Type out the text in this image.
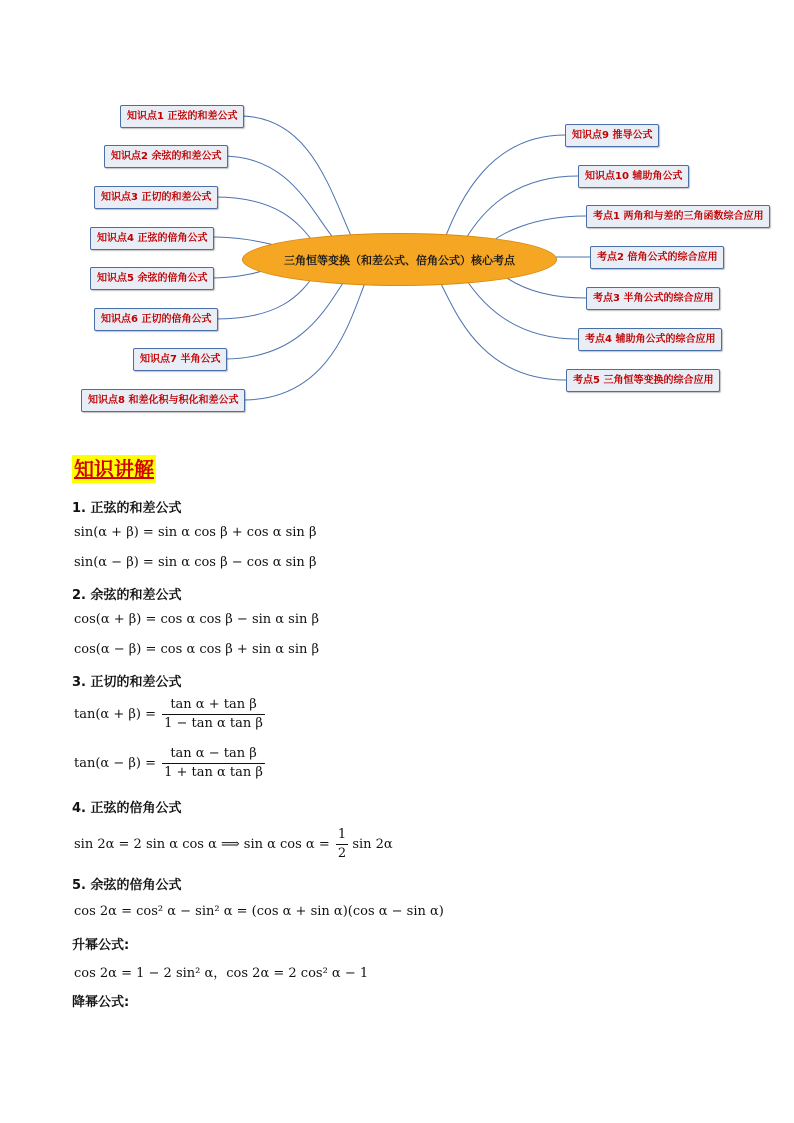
三角恒等变换（和差公式、倍角公式）核心考点
知识点1 正弦的和差公式
知识点2 余弦的和差公式
知识点3 正切的和差公式
知识点4 正弦的倍角公式
知识点5 余弦的倍角公式
知识点6 正切的倍角公式
知识点7 半角公式
知识点8 和差化积与积化和差公式
知识点9 推导公式
知识点10 辅助角公式
考点1 两角和与差的三角函数综合应用
考点2 倍角公式的综合应用
考点3 半角公式的综合应用
考点4 辅助角公式的综合应用
考点5 三角恒等变换的综合应用
知识讲解
1. 正弦的和差公式
sin(α + β) = sin α cos β + cos α sin β
sin(α − β) = sin α cos β − cos α sin β
2. 余弦的和差公式
cos(α + β) = cos α cos β − sin α sin β
cos(α − β) = cos α cos β + sin α sin β
3. 正切的和差公式
$\tan(\alpha + \beta) = \frac{\text{tan α + tan β}}{\text{1 − tan α tan β}}$
$\tan(\alpha - \beta) = \frac{\text{tan α − tan β}}{\text{1 + tan α tan β}}$
4. 正弦的倍角公式
sin 2α = 2 sin α cos α ⟹ sin α $\cos \alpha = \frac{1}{2}$ sin 2α
5. 余弦的倍角公式
cos 2α = cos² α − sin² α = (cos α + sin α)(cos α − sin α)
升幂公式:
cos 2α = 1 − 2 sin² α，cos 2α = 2 cos² α − 1
降幂公式:
